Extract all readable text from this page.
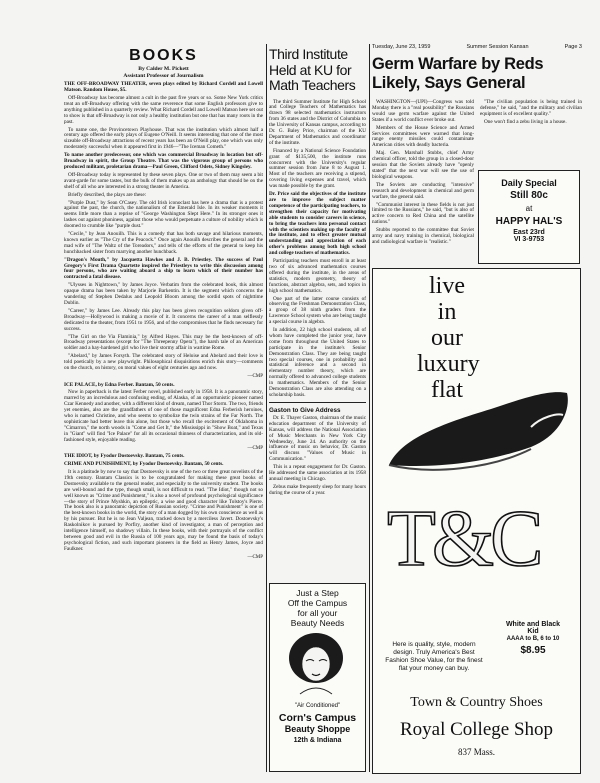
BOOKS

By Calder M. Pickett
Assistant Professor of Journalism

THE OFF-BROADWAY THEATER, seven plays edited by Richard Cordell and Lowell Matson. Random House, $5.

Off-Broadway has become almost a cult in the past five years or so. Some New York critics treat an off-Broadway offering with the same reverence that some English professors give to anything published in a quarterly review. What Richard Cordell and Lowell Matson here set out to show is that off-Broadway is not only a healthy institution but one that has many roots in the past.

To name one, the Provincetown Playhouse. That was the institution which almost half a century ago offered the early plays of Eugene O'Neill. It seems interesting that one of the most sizeable off-Broadway attractions of recent years has been an O'Neill play, one which was only moderately successful when it appeared first in 1946—"The Iceman Cometh."

To name another predecessor, one which was commercial Broadway in location but off-Broadway in spirit, the Group Theatre. That was the vigorous group of persons who produced militant, proletarian drama—Paul Green, Clifford Odets, Sidney Kingsley.

Off-Broadway today is represented by these seven plays. One or two of them may seem a bit avant-garde for some tastes, but the bulk of them makes up an anthology that should be on the shelf of all who are interested in a strong theater in America.

Briefly described, the plays are these:

"Purple Dust," by Sean O'Casey. The old Irish iconoclast has here a drama that is a protest against the past, the church, the nationalism of the Emerald Isle. In its weaker moments it seems little more than a reprise of "George Washington Slept Here." In its stronger ones it lashes out against phoniness, against those who would perpetuate a culture of nobility which is doomed to crumble like "purple dust."

"Cecile," by Jean Anouilh. This is a comedy that has both savage and hilarious moments, known earlier as "The Cry of the Peacock." Once again Anouilh describes the general and the mad wife of "The Waltz of the Toreadors," and tells of the efforts of the general to keep his hunchbacked sister from marrying another hunchback.

"Dragon's Mouth," by Jacquetta Hawkes and J. B. Priestley. The success of Paul Gregory's First Drama Quartette inspired the Priestleys to write this discussion among four persons, who are waiting aboard a ship to learn which of their number has contracted a fatal disease.

"Ulysses in Nighttown," by James Joyce. Verbatim from the celebrated book, this almost opaque drama has been taken by Marjorie Barkentin. It is the segment which concerns the wandering of Stephen Dedalus and Leopold Bloom among the sordid spots of nighttime Dublin.

"Career," by James Lee. Already this play has been given recognition seldom given off-Broadway—Hollywood is making a movie of it. It concerns the career of a man selflessly dedicated to the theater, from 1951 to 1956, and of the compromises that he finds necessary for success.

"The Girl on the Via Flaminia," by Alfred Hayes. This may be the best-known of off-Broadway presentations (except for "The Threepenny Opera"), the harsh tale of an American soldier and a hay-hardened girl who live their stormy affair in wartime Rome.

"Abelard," by James Forsyth. The celebrated story of Heloise and Abelard and their love is told poetically by a new playwright. Philosophical disquisitions enrich this story—comments on the church, on history, on moral values of eight centuries ago and now.

—CMP

ICE PALACE, by Edna Ferber. Bantam, 50 cents.

Now in paperback is the latest Ferber novel, published early in 1958. It is a panoramic story, marred by an incredulous and confusing ending, of Alaska, of an opportunistic pioneer named Czar Kennedy and another, with a different kind of dream, named Thor Storm. The two, friends yet enemies, also are the grandfathers of one of those magnificent Edna Ferberish heroines, who is named Christine, and who seems to symbolize the twin strains of the Far North. The sophisticate had better leave this alone, but those who recall the excitement of Oklahoma in "Cimarron," the north woods in "Come and Get It," the Mississippi in "Show Boat," and Texas in "Giant" will find "Ice Palace" for all its occasional thinness of characterization, and its old-fashioned style, enjoyable reading.

—CMP

THE IDIOT, by Fyodor Dostoevsky. Bantam, 75 cents.

CRIME AND PUNISHMENT, by Fyodor Dostoevsky. Bantam, 50 cents.

It is a platitude by now to say that Dostoevsky is one of the two or three great novelists of the 19th century. Bantam Classics is to be congratulated for making these great books of Dostoevsky available to the general reader, and especially to the university student. The books are well-bound and the type, though small, is not difficult to read. "The Idiot," though not so well known as "Crime and Punishment," is also a novel of profound psychological significance—the story of Prince Myshkin, an epileptic, a wise and good character like Tolstoy's Pierre. The book also is a panoramic depiction of Russian society. "Crime and Punishment" is one of the best-known books in the world, the story of a man dogged by his own conscience as well as by his pursuer. But he is no Jean Valjean, tracked down by a merciless Javert. Dostoevsky's Raskolnikov is pursued by Porfiry, another kind of investigator, a man of perception and intelligence himself, no shadowy villain. In these books, with their portrayals of the conflict between good and evil in the Russia of 100 years ago, may be found the basis of today's psychological fiction, and such important pioneers in the field as Henry James, Joyce and Faulkner.

—CMP
Third Institute Held at KU for Math Teachers

The third Summer Institute for High School and College Teachers of Mathematics has drawn 98 selected mathematics instructors from 36 states and the District of Columbia to the University of Kansas campus, according to Dr. G. Baley Price, chairman of the KU Department of Mathematics and coordinator of the institute.

Financed by a National Science Foundation grant of $135,500, the institute runs concurrent with the University's regular summer session from June 8 to August 1. Most of the teachers are receiving a stipend, covering living expenses and travel, which was made possible by the grant.

Dr. Price said the objectives of the institute are to improve the subject matter competence of the participating teachers, to strengthen their capacity for motivating able students to consider careers in science, to bring the teachers into personal contact with the scientists making up the faculty of the institute, and to effect greater mutual understanding and appreciation of each other's problems among both high school and college teachers of mathematics.

Participating teachers must enroll in at least two of six advanced mathematics courses offered during the institute, in the areas of statistics, modern geometry, theory of functions, abstract algebra, sets, and topics in high school mathematics.

One part of the latter course consists of observing the Freshman Demonstration Class, a group of 38 ninth graders from the Lawrence School system who are being taught a special course in algebra.

In addition, 22 high school students, all of whom have completed the junior year, have come from throughout the United States to participate in the institute's Senior Demonstration Class. They are being taught two special courses, one in probability and statistical inference and a second in elementary number theory, which are normally offered to advanced college students in mathematics. Members of the Senior Demonstration Class are also attending on a scholarship basis.

Gaston to Give Address

Dr. E. Thayer Gaston, chairman of the music education department of the University of Kansas, will address the National Association of Music Merchants in New York City Wednesday, June 24. An authority on the influence of music on behavior, Dr. Gaston will discuss "Values of Music in Communication."

This is a repeat engagement for Dr. Gaston. He addressed the same association at its 1958 annual meeting in Chicago.

Zebus make frequently sleep for many hours during the course of a year.

Just a Step
Off the Campus
for all your
Beauty Needs
"Air Conditioned"
Corn's Campus
Beauty Shoppe
12th & Indiana
Tuesday, June 23, 1959	Summer Session Kansan	Page 3
Germ Warfare by Reds Likely, Says General

WASHINGTON—(UPI)—Congress was told Monday there is a "real possibility" the Russians would use germ warfare against the United States if a world conflict ever broke out.

Members of the House Science and Armed Services committees were warned that long-range enemy missiles could contaminate American cities with deadly bacteria.

Maj. Gen. Marshall Stubbs, chief Army chemical officer, told the group in a closed-door session that the Soviets already have "openly stated" that the next war will see the use of biological weapons.

The Soviets are conducting "intensive" research and development in chemical and germ warfare, the general said.

"Communist interest in these fields is not just limited to the Russians," he said, "but is also of active concern to Red China and the satellite nations."

Stubbs reported to the committee that Soviet army and navy training in chemical, biological and radiological warfare is "realistic."

"The civilian population is being trained in defense," he said, "and the military and civilian equipment is of excellent quality."

One won't find a zebu living in a house.

Daily Special
Still 80c
at
HAPPY HAL'S
East 23rd
VI 3-9753
live
in
our
luxury
flat
T&C
Here is quality, style, modern design. Truly America's Best Fashion Shoe Value, for the finest flat your money can buy.
White and Black
Kid
AAAA to B, 6 to 10
$8.95
Town & Country Shoes
Royal College Shop
837 Mass.
